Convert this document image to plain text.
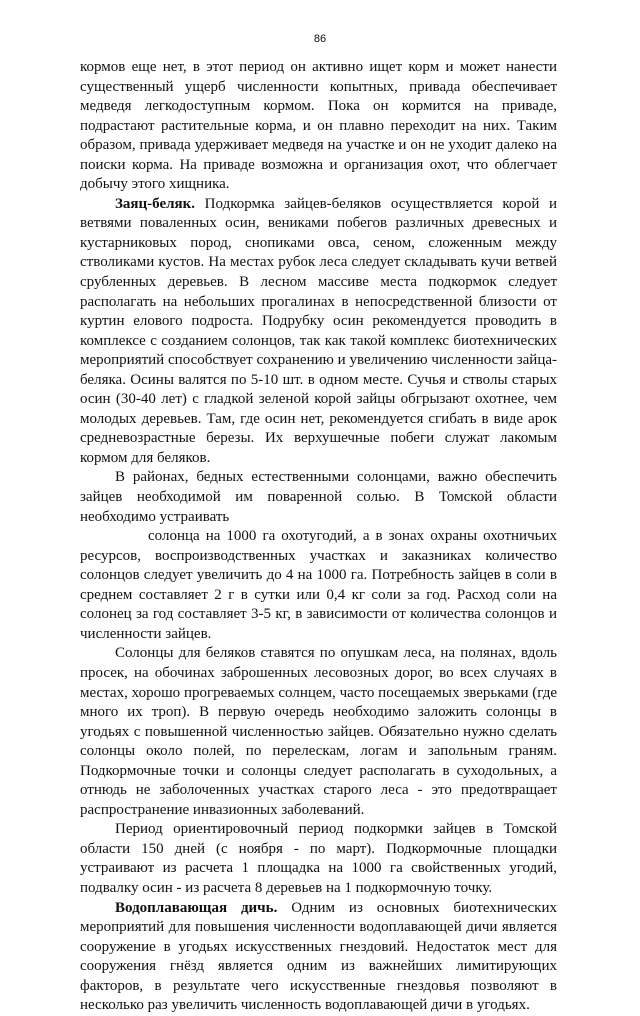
86

кормов еще нет, в этот период он активно ищет корм и может нанести существенный ущерб численности копытных, привада обеспечивает медведя легкодоступным кормом. Пока он кормится на приваде, подрастают растительные корма, и он плавно переходит на них. Таким образом, привада удерживает медведя на участке и он не уходит далеко на поиски корма. На приваде возможна и организация охот, что облегчает добычу этого хищника.

Заяц-беляк. Подкормка зайцев-беляков осуществляется корой и ветвями поваленных осин, вениками побегов различных древесных и кустарниковых пород, снопиками овса, сеном, сложенным между стволиками кустов. На местах рубок леса следует складывать кучи ветвей срубленных деревьев. В лесном массиве места подкормок следует располагать на небольших прогалинах в непосредственной близости от куртин елового подроста. Подрубку осин рекомендуется проводить в комплексе с созданием солонцов, так как такой комплекс биотехнических мероприятий способствует сохранению и увеличению численности зайца-беляка. Осины валятся по 5-10 шт. в одном месте. Сучья и стволы старых осин (30-40 лет) с гладкой зеленой корой зайцы обгрызают охотнее, чем молодых деревьев. Там, где осин нет, рекомендуется сгибать в виде арок средневозрастные березы. Их верхушечные побеги служат лакомым кормом для беляков.

В районах, бедных естественными солонцами, важно обеспечить зайцев необходимой им поваренной солью. В Томской области необходимо устраивать

солонца на 1000 га охотугодий, а в зонах охраны охотничьих ресурсов, воспроизводственных участках и заказниках количество солонцов следует увеличить до 4 на 1000 га. Потребность зайцев в соли в среднем составляет 2 г в сутки или 0,4 кг соли за год. Расход соли на солонец за год составляет 3-5 кг, в зависимости от количества солонцов и численности зайцев.

Солонцы для беляков ставятся по опушкам леса, на полянах, вдоль просек, на обочинах заброшенных лесовозных дорог, во всех случаях в местах, хорошо прогреваемых солнцем, часто посещаемых зверьками (где много их троп). В первую очередь необходимо заложить солонцы в угодьях с повышенной численностью зайцев. Обязательно нужно сделать солонцы около полей, по перелескам, логам и запольным граням. Подкормочные точки и солонцы следует располагать в суходольных, а отнюдь не заболоченных участках старого леса - это предотвращает распространение инвазионных заболеваний.

Период ориентировочный период подкормки зайцев в Томской области 150 дней (с ноября - по март). Подкормочные площадки устраивают из расчета 1 площадка на 1000 га свойственных угодий, подвалку осин - из расчета 8 деревьев на 1 подкормочную точку.

Водоплавающая дичь. Одним из основных биотехнических мероприятий для повышения численности водоплавающей дичи является сооружение в угодьях искусственных гнездовий. Недостаток мест для сооружения гнёзд является одним из важнейших лимитирующих факторов, в результате чего искусственные гнездовья позволяют в несколько раз увеличить численность водоплавающей дичи в угодьях.
